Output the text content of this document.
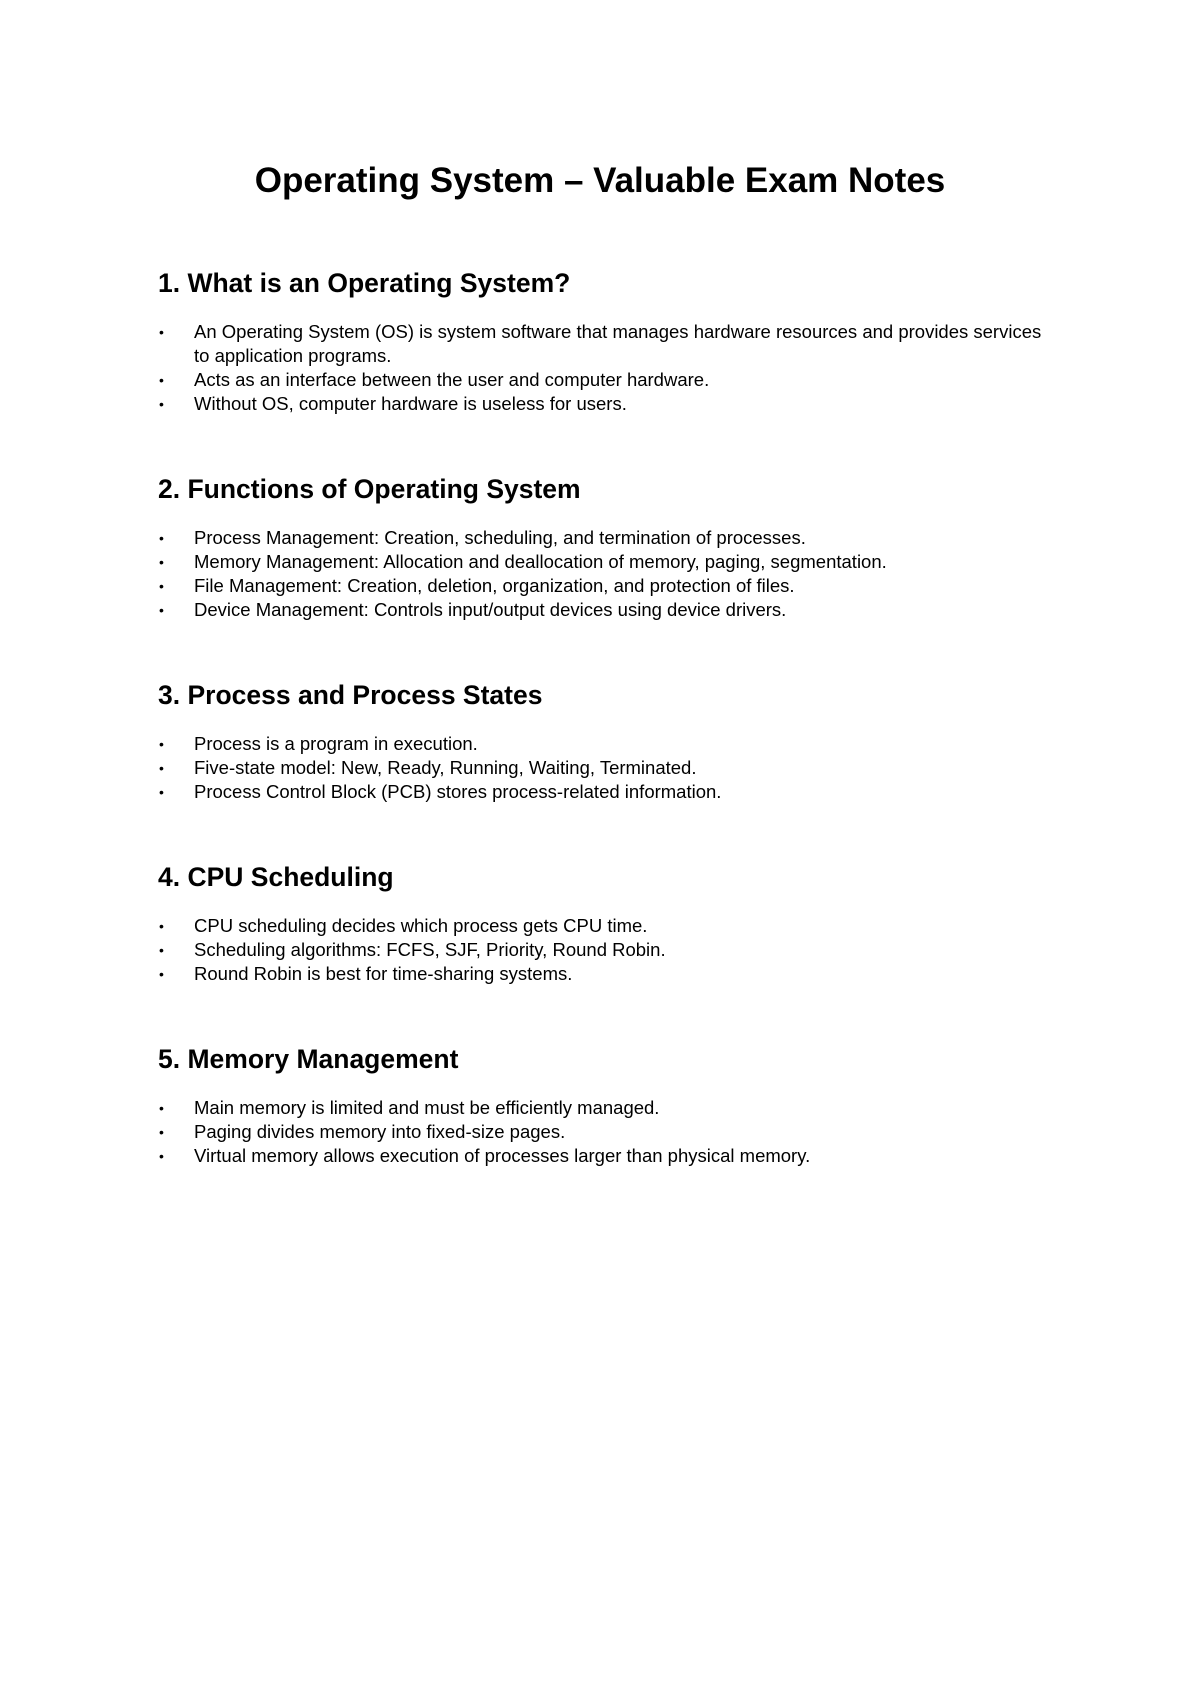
Operating System – Valuable Exam Notes
1. What is an Operating System?
•	An Operating System (OS) is system software that manages hardware resources and provides services to application programs.
•	Acts as an interface between the user and computer hardware.
•	Without OS, computer hardware is useless for users.
2. Functions of Operating System
•	Process Management: Creation, scheduling, and termination of processes.
•	Memory Management: Allocation and deallocation of memory, paging, segmentation.
•	File Management: Creation, deletion, organization, and protection of files.
•	Device Management: Controls input/output devices using device drivers.
3. Process and Process States
•	Process is a program in execution.
•	Five-state model: New, Ready, Running, Waiting, Terminated.
•	Process Control Block (PCB) stores process-related information.
4. CPU Scheduling
•	CPU scheduling decides which process gets CPU time.
•	Scheduling algorithms: FCFS, SJF, Priority, Round Robin.
•	Round Robin is best for time-sharing systems.
5. Memory Management
•	Main memory is limited and must be efficiently managed.
•	Paging divides memory into fixed-size pages.
•	Virtual memory allows execution of processes larger than physical memory.
